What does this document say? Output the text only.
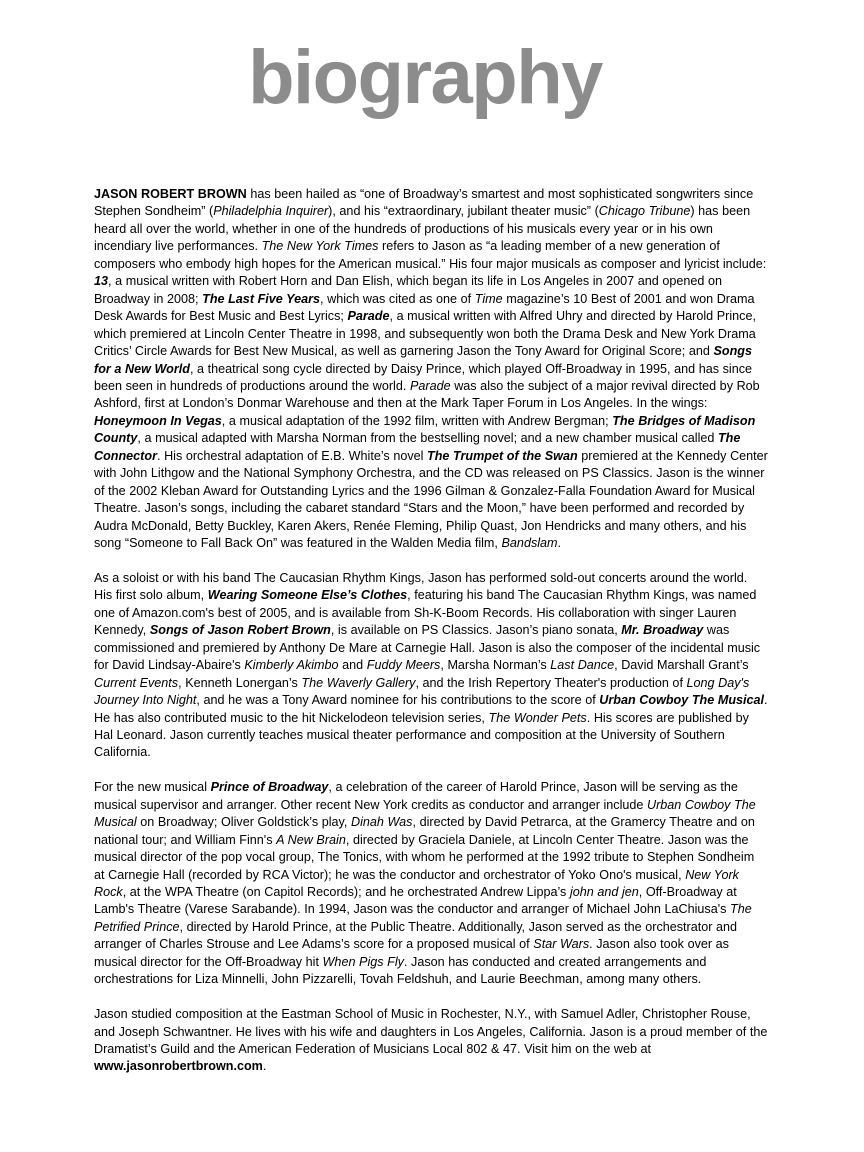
biography

JASON ROBERT BROWN has been hailed as “one of Broadway’s smartest and most sophisticated songwriters since Stephen Sondheim” (Philadelphia Inquirer), and his “extraordinary, jubilant theater music” (Chicago Tribune) has been heard all over the world, whether in one of the hundreds of productions of his musicals every year or in his own incendiary live performances. The New York Times refers to Jason as “a leading member of a new generation of composers who embody high hopes for the American musical.” His four major musicals as composer and lyricist include: 13, a musical written with Robert Horn and Dan Elish, which began its life in Los Angeles in 2007 and opened on Broadway in 2008; The Last Five Years, which was cited as one of Time magazine’s 10 Best of 2001 and won Drama Desk Awards for Best Music and Best Lyrics; Parade, a musical written with Alfred Uhry and directed by Harold Prince, which premiered at Lincoln Center Theatre in 1998, and subsequently won both the Drama Desk and New York Drama Critics’ Circle Awards for Best New Musical, as well as garnering Jason the Tony Award for Original Score; and Songs for a New World, a theatrical song cycle directed by Daisy Prince, which played Off-Broadway in 1995, and has since been seen in hundreds of productions around the world. Parade was also the subject of a major revival directed by Rob Ashford, first at London’s Donmar Warehouse and then at the Mark Taper Forum in Los Angeles. In the wings: Honeymoon In Vegas, a musical adaptation of the 1992 film, written with Andrew Bergman; The Bridges of Madison County, a musical adapted with Marsha Norman from the bestselling novel; and a new chamber musical called The Connector. His orchestral adaptation of E.B. White’s novel The Trumpet of the Swan premiered at the Kennedy Center with John Lithgow and the National Symphony Orchestra, and the CD was released on PS Classics. Jason is the winner of the 2002 Kleban Award for Outstanding Lyrics and the 1996 Gilman & Gonzalez-Falla Foundation Award for Musical Theatre. Jason’s songs, including the cabaret standard “Stars and the Moon,” have been performed and recorded by Audra McDonald, Betty Buckley, Karen Akers, Renée Fleming, Philip Quast, Jon Hendricks and many others, and his song “Someone to Fall Back On” was featured in the Walden Media film, Bandslam.

As a soloist or with his band The Caucasian Rhythm Kings, Jason has performed sold-out concerts around the world. His first solo album, Wearing Someone Else’s Clothes, featuring his band The Caucasian Rhythm Kings, was named one of Amazon.com's best of 2005, and is available from Sh-K-Boom Records. His collaboration with singer Lauren Kennedy, Songs of Jason Robert Brown, is available on PS Classics. Jason’s piano sonata, Mr. Broadway was commissioned and premiered by Anthony De Mare at Carnegie Hall. Jason is also the composer of the incidental music for David Lindsay-Abaire's Kimberly Akimbo and Fuddy Meers, Marsha Norman’s Last Dance, David Marshall Grant’s Current Events, Kenneth Lonergan’s The Waverly Gallery, and the Irish Repertory Theater's production of Long Day's Journey Into Night, and he was a Tony Award nominee for his contributions to the score of Urban Cowboy The Musical. He has also contributed music to the hit Nickelodeon television series, The Wonder Pets. His scores are published by Hal Leonard. Jason currently teaches musical theater performance and composition at the University of Southern California.

For the new musical Prince of Broadway, a celebration of the career of Harold Prince, Jason will be serving as the musical supervisor and arranger. Other recent New York credits as conductor and arranger include Urban Cowboy The Musical on Broadway; Oliver Goldstick’s play, Dinah Was, directed by David Petrarca, at the Gramercy Theatre and on national tour; and William Finn's A New Brain, directed by Graciela Daniele, at Lincoln Center Theatre. Jason was the musical director of the pop vocal group, The Tonics, with whom he performed at the 1992 tribute to Stephen Sondheim at Carnegie Hall (recorded by RCA Victor); he was the conductor and orchestrator of Yoko Ono's musical, New York Rock, at the WPA Theatre (on Capitol Records); and he orchestrated Andrew Lippa’s john and jen, Off-Broadway at Lamb's Theatre (Varese Sarabande). In 1994, Jason was the conductor and arranger of Michael John LaChiusa's The Petrified Prince, directed by Harold Prince, at the Public Theatre. Additionally, Jason served as the orchestrator and arranger of Charles Strouse and Lee Adams’s score for a proposed musical of Star Wars. Jason also took over as musical director for the Off-Broadway hit When Pigs Fly. Jason has conducted and created arrangements and orchestrations for Liza Minnelli, John Pizzarelli, Tovah Feldshuh, and Laurie Beechman, among many others.

Jason studied composition at the Eastman School of Music in Rochester, N.Y., with Samuel Adler, Christopher Rouse, and Joseph Schwantner. He lives with his wife and daughters in Los Angeles, California. Jason is a proud member of the Dramatist’s Guild and the American Federation of Musicians Local 802 & 47. Visit him on the web at www.jasonrobertbrown.com.
